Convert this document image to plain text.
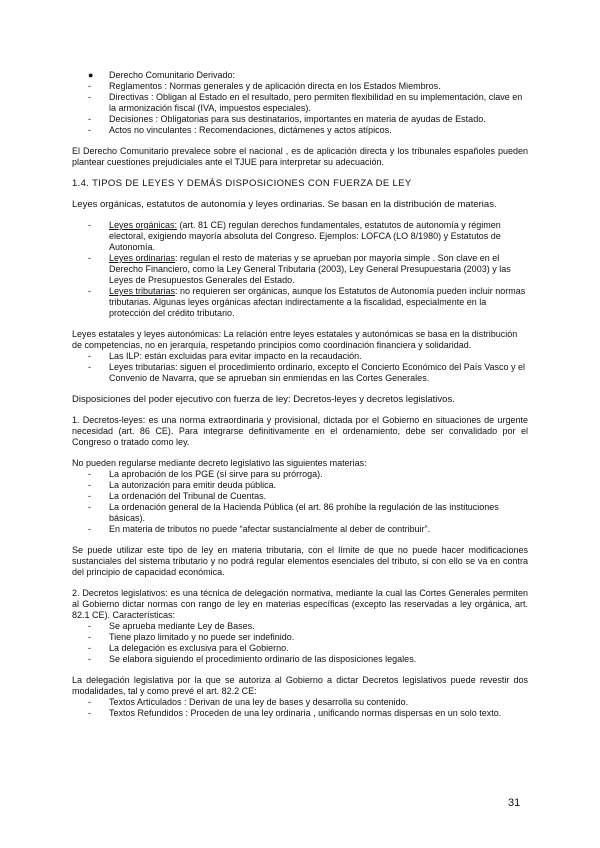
●	Derecho Comunitario Derivado:
-	Reglamentos : Normas generales y de aplicación directa en los Estados Miembros.
-	Directivas : Obligan al Estado en el resultado, pero permiten flexibilidad en su implementación, clave en la armonización fiscal (IVA, impuestos especiales).
-	Decisiones : Obligatorias para sus destinatarios, importantes en materia de ayudas de Estado.
-	Actos no vinculantes : Recomendaciones, dictámenes y actos atípicos.

El Derecho Comunitario prevalece sobre el nacional , es de aplicación directa y los tribunales españoles pueden plantear cuestiones prejudiciales ante el TJUE para interpretar su adecuación.

1.4. TIPOS DE LEYES Y DEMÁS DISPOSICIONES CON FUERZA DE LEY

Leyes orgánicas, estatutos de autonomía y leyes ordinarias. Se basan en la distribución de materias.

-	Leyes orgánicas: (art. 81 CE) regulan derechos fundamentales, estatutos de autonomía y régimen electoral, exigiendo mayoría absoluta del Congreso. Ejemplos: LOFCA (LO 8/1980) y Estatutos de Autonomía.
-	Leyes ordinarias: regulan el resto de materias y se aprueban por mayoría simple . Son clave en el Derecho Financiero, como la Ley General Tributaria (2003), Ley General Presupuestaria (2003) y las Leyes de Presupuestos Generales del Estado.
-	Leyes tributarias: no requieren ser orgánicas, aunque los Estatutos de Autonomía pueden incluir normas tributarias. Algunas leyes orgánicas afectan indirectamente a la fiscalidad, especialmente en la protección del crédito tributario.

Leyes estatales y leyes autonómicas: La relación entre leyes estatales y autonómicas se basa en la distribución de competencias, no en jerarquía, respetando principios como coordinación financiera y solidaridad.

-	Las ILP: están excluidas para evitar impacto en la recaudación.
-	Leyes tributarias: siguen el procedimiento ordinario, excepto el Concierto Económico del País Vasco y el Convenio de Navarra, que se aprueban sin enmiendas en las Cortes Generales.

Disposiciones del poder ejecutivo con fuerza de ley: Decretos-leyes y decretos legislativos.

1. Decretos-leyes: es una norma extraordinaria y provisional, dictada por el Gobierno en situaciones de urgente necesidad (art. 86 CE). Para integrarse definitivamente en el ordenamiento, debe ser convalidado por el Congreso o tratado como ley.

No pueden regularse mediante decreto legislativo las siguientes materias:

-	La aprobación de los PGE (sí sirve para su prórroga).
-	La autorización para emitir deuda pública.
-	La ordenación del Tribunal de Cuentas.
-	La ordenación general de la Hacienda Pública (el art. 86 prohíbe la regulación de las instituciones básicas).
-	En materia de tributos no puede “afectar sustancialmente al deber de contribuir”.

Se puede utilizar este tipo de ley en materia tributaria, con el límite de que no puede hacer modificaciones sustanciales del sistema tributario y no podrá regular elementos esenciales del tributo, si con ello se va en contra del principio de capacidad económica.

2. Decretos legislativos: es una técnica de delegación normativa, mediante la cual las Cortes Generales permiten al Gobierno dictar normas con rango de ley en materias específicas (excepto las reservadas a ley orgánica, art. 82.1 CE). Características:

-	Se aprueba mediante Ley de Bases.
-	Tiene plazo limitado y no puede ser indefinido.
-	La delegación es exclusiva para el Gobierno.
-	Se elabora siguiendo el procedimiento ordinario de las disposiciones legales.

La delegación legislativa por la que se autoriza al Gobierno a dictar Decretos legislativos puede revestir dos modalidades, tal y como prevé el art. 82.2 CE:

-	Textos Articulados : Derivan de una ley de bases y desarrolla su contenido.
-	Textos Refundidos : Proceden de una ley ordinaria , unificando normas dispersas en un solo texto.
31
